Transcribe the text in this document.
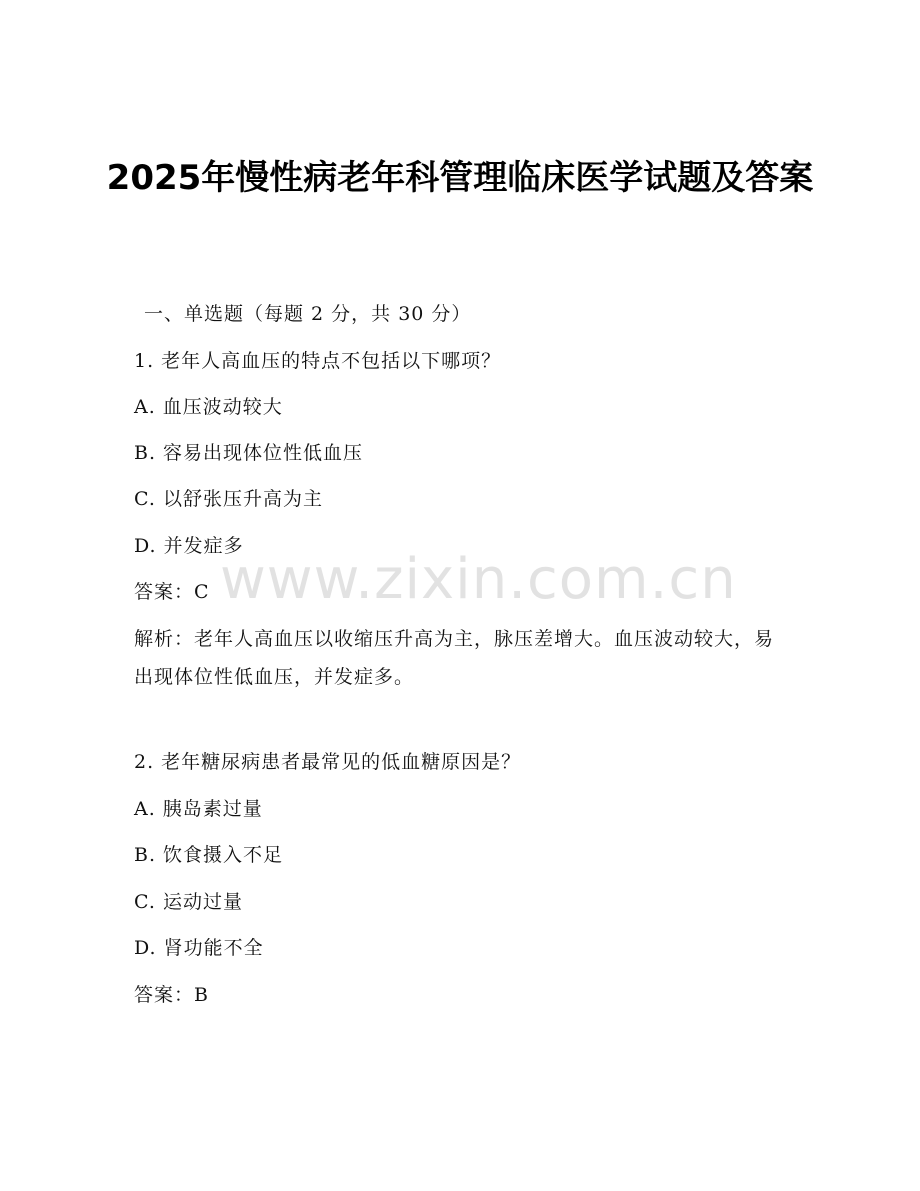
2025年慢性病老年科管理临床医学试题及答案
一、单选题（每题 2 分，共 30 分）
1. 老年人高血压的特点不包括以下哪项？
A. 血压波动较大
B. 容易出现体位性低血压
C. 以舒张压升高为主
D. 并发症多
答案：C
解析：老年人高血压以收缩压升高为主，脉压差增大。血压波动较大，易出现体位性低血压，并发症多。
2. 老年糖尿病患者最常见的低血糖原因是？
A. 胰岛素过量
B. 饮食摄入不足
C. 运动过量
D. 肾功能不全
答案：B
www.zixin.com.cn
